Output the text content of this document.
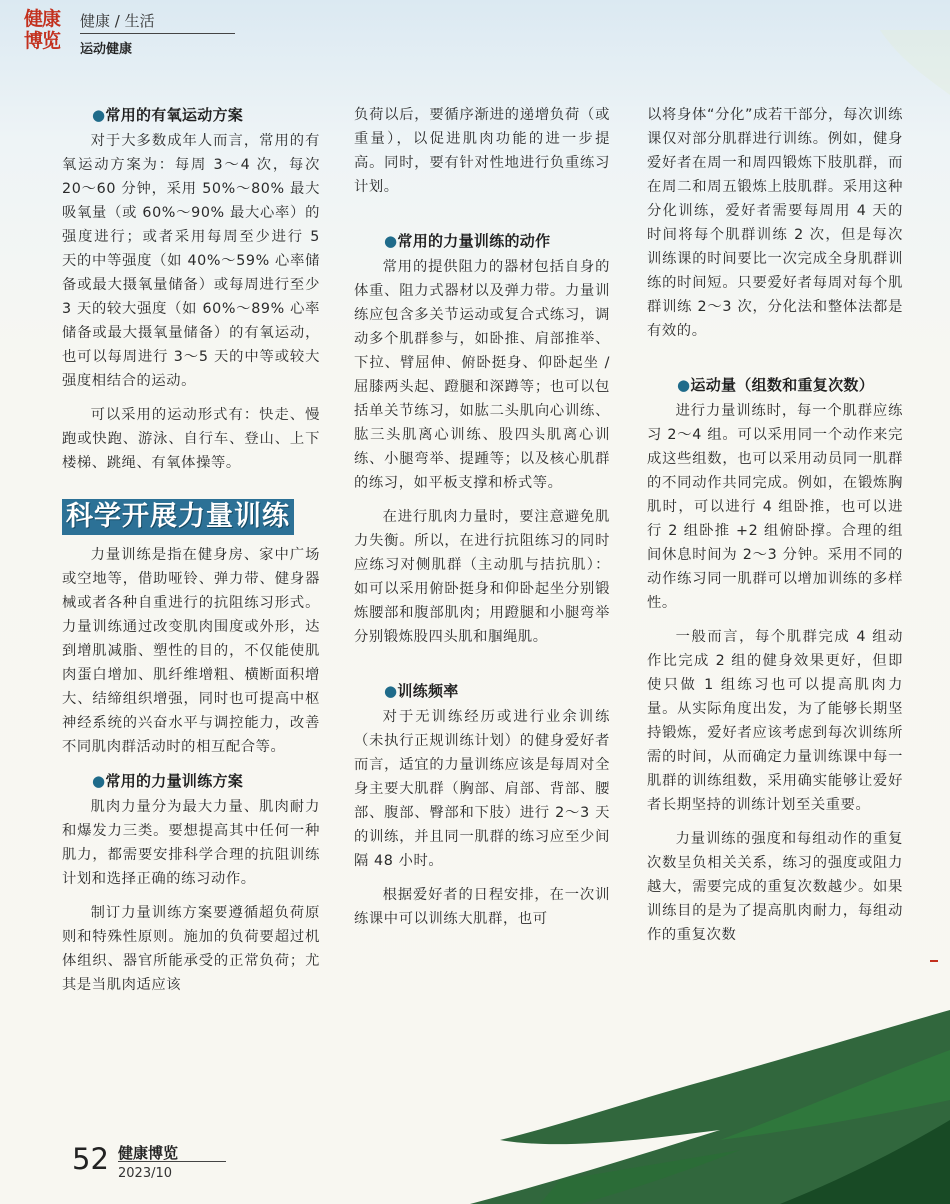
健康博览
健康 / 生活
运动健康
●常用的有氧运动方案

对于大多数成年人而言，常用的有氧运动方案为：每周 3～4 次，每次 20～60 分钟，采用 50%～80% 最大吸氧量（或 60%～90% 最大心率）的强度进行；或者采用每周至少进行 5 天的中等强度（如 40%～59% 心率储备或最大摄氧量储备）或每周进行至少 3 天的较大强度（如 60%～89% 心率储备或最大摄氧量储备）的有氧运动，也可以每周进行 3～5 天的中等或较大强度相结合的运动。

可以采用的运动形式有：快走、慢跑或快跑、游泳、自行车、登山、上下楼梯、跳绳、有氧体操等。

科学开展力量训练

力量训练是指在健身房、家中广场或空地等，借助哑铃、弹力带、健身器械或者各种自重进行的抗阻练习形式。力量训练通过改变肌肉围度或外形，达到增肌减脂、塑性的目的，不仅能使肌肉蛋白增加、肌纤维增粗、横断面积增大、结缔组织增强，同时也可提高中枢神经系统的兴奋水平与调控能力，改善不同肌肉群活动时的相互配合等。

●常用的力量训练方案

肌肉力量分为最大力量、肌肉耐力和爆发力三类。要想提高其中任何一种肌力，都需要安排科学合理的抗阻训练计划和选择正确的练习动作。

制订力量训练方案要遵循超负荷原则和特殊性原则。施加的负荷要超过机体组织、器官所能承受的正常负荷；尤其是当肌肉适应该

负荷以后，要循序渐进的递增负荷（或重量），以促进肌肉功能的进一步提高。同时，要有针对性地进行负重练习计划。

●常用的力量训练的动作

常用的提供阻力的器材包括自身的体重、阻力式器材以及弹力带。力量训练应包含多关节运动或复合式练习，调动多个肌群参与，如卧推、肩部推举、下拉、臂屈伸、俯卧挺身、仰卧起坐 / 屈膝两头起、蹬腿和深蹲等；也可以包括单关节练习，如肱二头肌向心训练、肱三头肌离心训练、股四头肌离心训练、小腿弯举、提踵等；以及核心肌群的练习，如平板支撑和桥式等。

在进行肌肉力量时，要注意避免肌力失衡。所以，在进行抗阻练习的同时应练习对侧肌群（主动肌与拮抗肌）：如可以采用俯卧挺身和仰卧起坐分别锻炼腰部和腹部肌肉；用蹬腿和小腿弯举分别锻炼股四头肌和腘绳肌。

●训练频率

对于无训练经历或进行业余训练（未执行正规训练计划）的健身爱好者而言，适宜的力量训练应该是每周对全身主要大肌群（胸部、肩部、背部、腰部、腹部、臀部和下肢）进行 2～3 天的训练，并且同一肌群的练习应至少间隔 48 小时。

根据爱好者的日程安排，在一次训练课中可以训练大肌群，也可

以将身体“分化”成若干部分，每次训练课仅对部分肌群进行训练。例如，健身爱好者在周一和周四锻炼下肢肌群，而在周二和周五锻炼上肢肌群。采用这种分化训练，爱好者需要每周用 4 天的时间将每个肌群训练 2 次，但是每次训练课的时间要比一次完成全身肌群训练的时间短。只要爱好者每周对每个肌群训练 2～3 次，分化法和整体法都是有效的。

●运动量（组数和重复次数）

进行力量训练时，每一个肌群应练习 2～4 组。可以采用同一个动作来完成这些组数，也可以采用动员同一肌群的不同动作共同完成。例如，在锻炼胸肌时，可以进行 4 组卧推，也可以进行 2 组卧推 +2 组俯卧撑。合理的组间休息时间为 2～3 分钟。采用不同的动作练习同一肌群可以增加训练的多样性。

一般而言，每个肌群完成 4 组动作比完成 2 组的健身效果更好，但即使只做 1 组练习也可以提高肌肉力量。从实际角度出发，为了能够长期坚持锻炼，爱好者应该考虑到每次训练所需的时间，从而确定力量训练课中每一肌群的训练组数，采用确实能够让爱好者长期坚持的训练计划至关重要。

力量训练的强度和每组动作的重复次数呈负相关关系，练习的强度或阻力越大，需要完成的重复次数越少。如果训练目的是为了提高肌肉耐力，每组动作的重复次数

52 健康博览
2023/10
